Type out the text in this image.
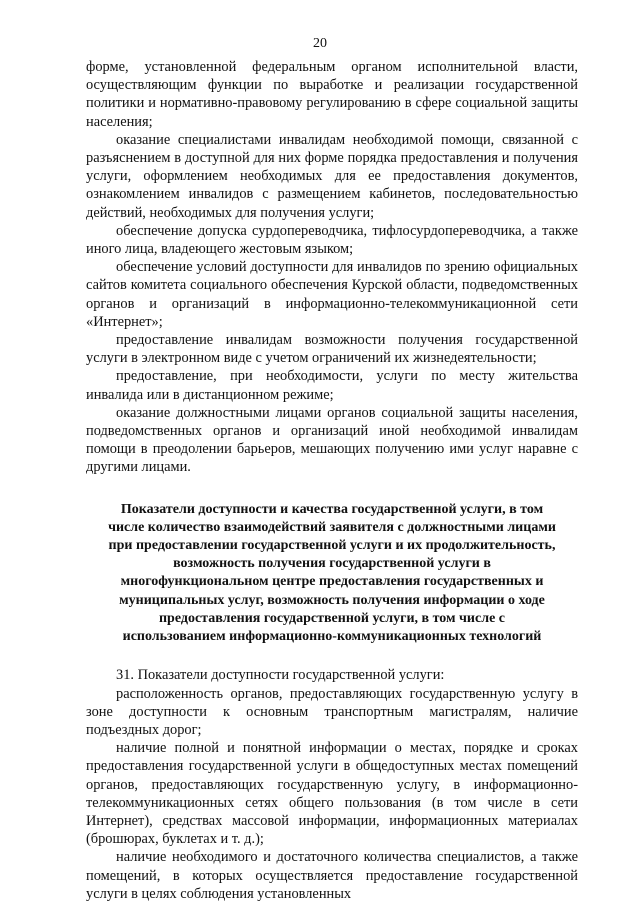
20

форме, установленной федеральным органом исполнительной власти, осуществляющим функции по выработке и реализации государственной политики и нормативно-правовому регулированию в сфере социальной защиты населения;

оказание специалистами инвалидам необходимой помощи, связанной с разъяснением в доступной для них форме порядка предоставления и получения услуги, оформлением необходимых для ее предоставления документов, ознакомлением инвалидов с размещением кабинетов, последовательностью действий, необходимых для получения услуги;

обеспечение допуска сурдопереводчика, тифлосурдопереводчика, а также иного лица, владеющего жестовым языком;

обеспечение условий доступности для инвалидов по зрению официальных сайтов комитета социального обеспечения Курской области, подведомственных органов и организаций в информационно-телекоммуникационной сети «Интернет»;

предоставление инвалидам возможности получения государственной услуги в электронном виде с учетом ограничений их жизнедеятельности;

предоставление, при необходимости, услуги по месту жительства инвалида или в дистанционном режиме;

оказание должностными лицами органов социальной защиты населения, подведомственных органов и организаций иной необходимой инвалидам помощи в преодолении барьеров, мешающих получению ими услуг наравне с другими лицами.

Показатели доступности и качества государственной услуги, в том
числе количество взаимодействий заявителя с должностными лицами
при предоставлении государственной услуги и их продолжительность,
возможность получения государственной услуги в
многофункциональном центре предоставления государственных и
муниципальных услуг, возможность получения информации о ходе
предоставления государственной услуги, в том числе с
использованием информационно-коммуникационных технологий

31. Показатели доступности государственной услуги:

расположенность органов, предоставляющих государственную услугу в зоне доступности к основным транспортным магистралям, наличие подъездных дорог;

наличие полной и понятной информации о местах, порядке и сроках предоставления государственной услуги в общедоступных местах помещений органов, предоставляющих государственную услугу, в информационно-телекоммуникационных сетях общего пользования (в том числе в сети Интернет), средствах массовой информации, информационных материалах (брошюрах, буклетах и т. д.);

наличие необходимого и достаточного количества специалистов, а также помещений, в которых осуществляется предоставление государственной услуги в целях соблюдения установленных
